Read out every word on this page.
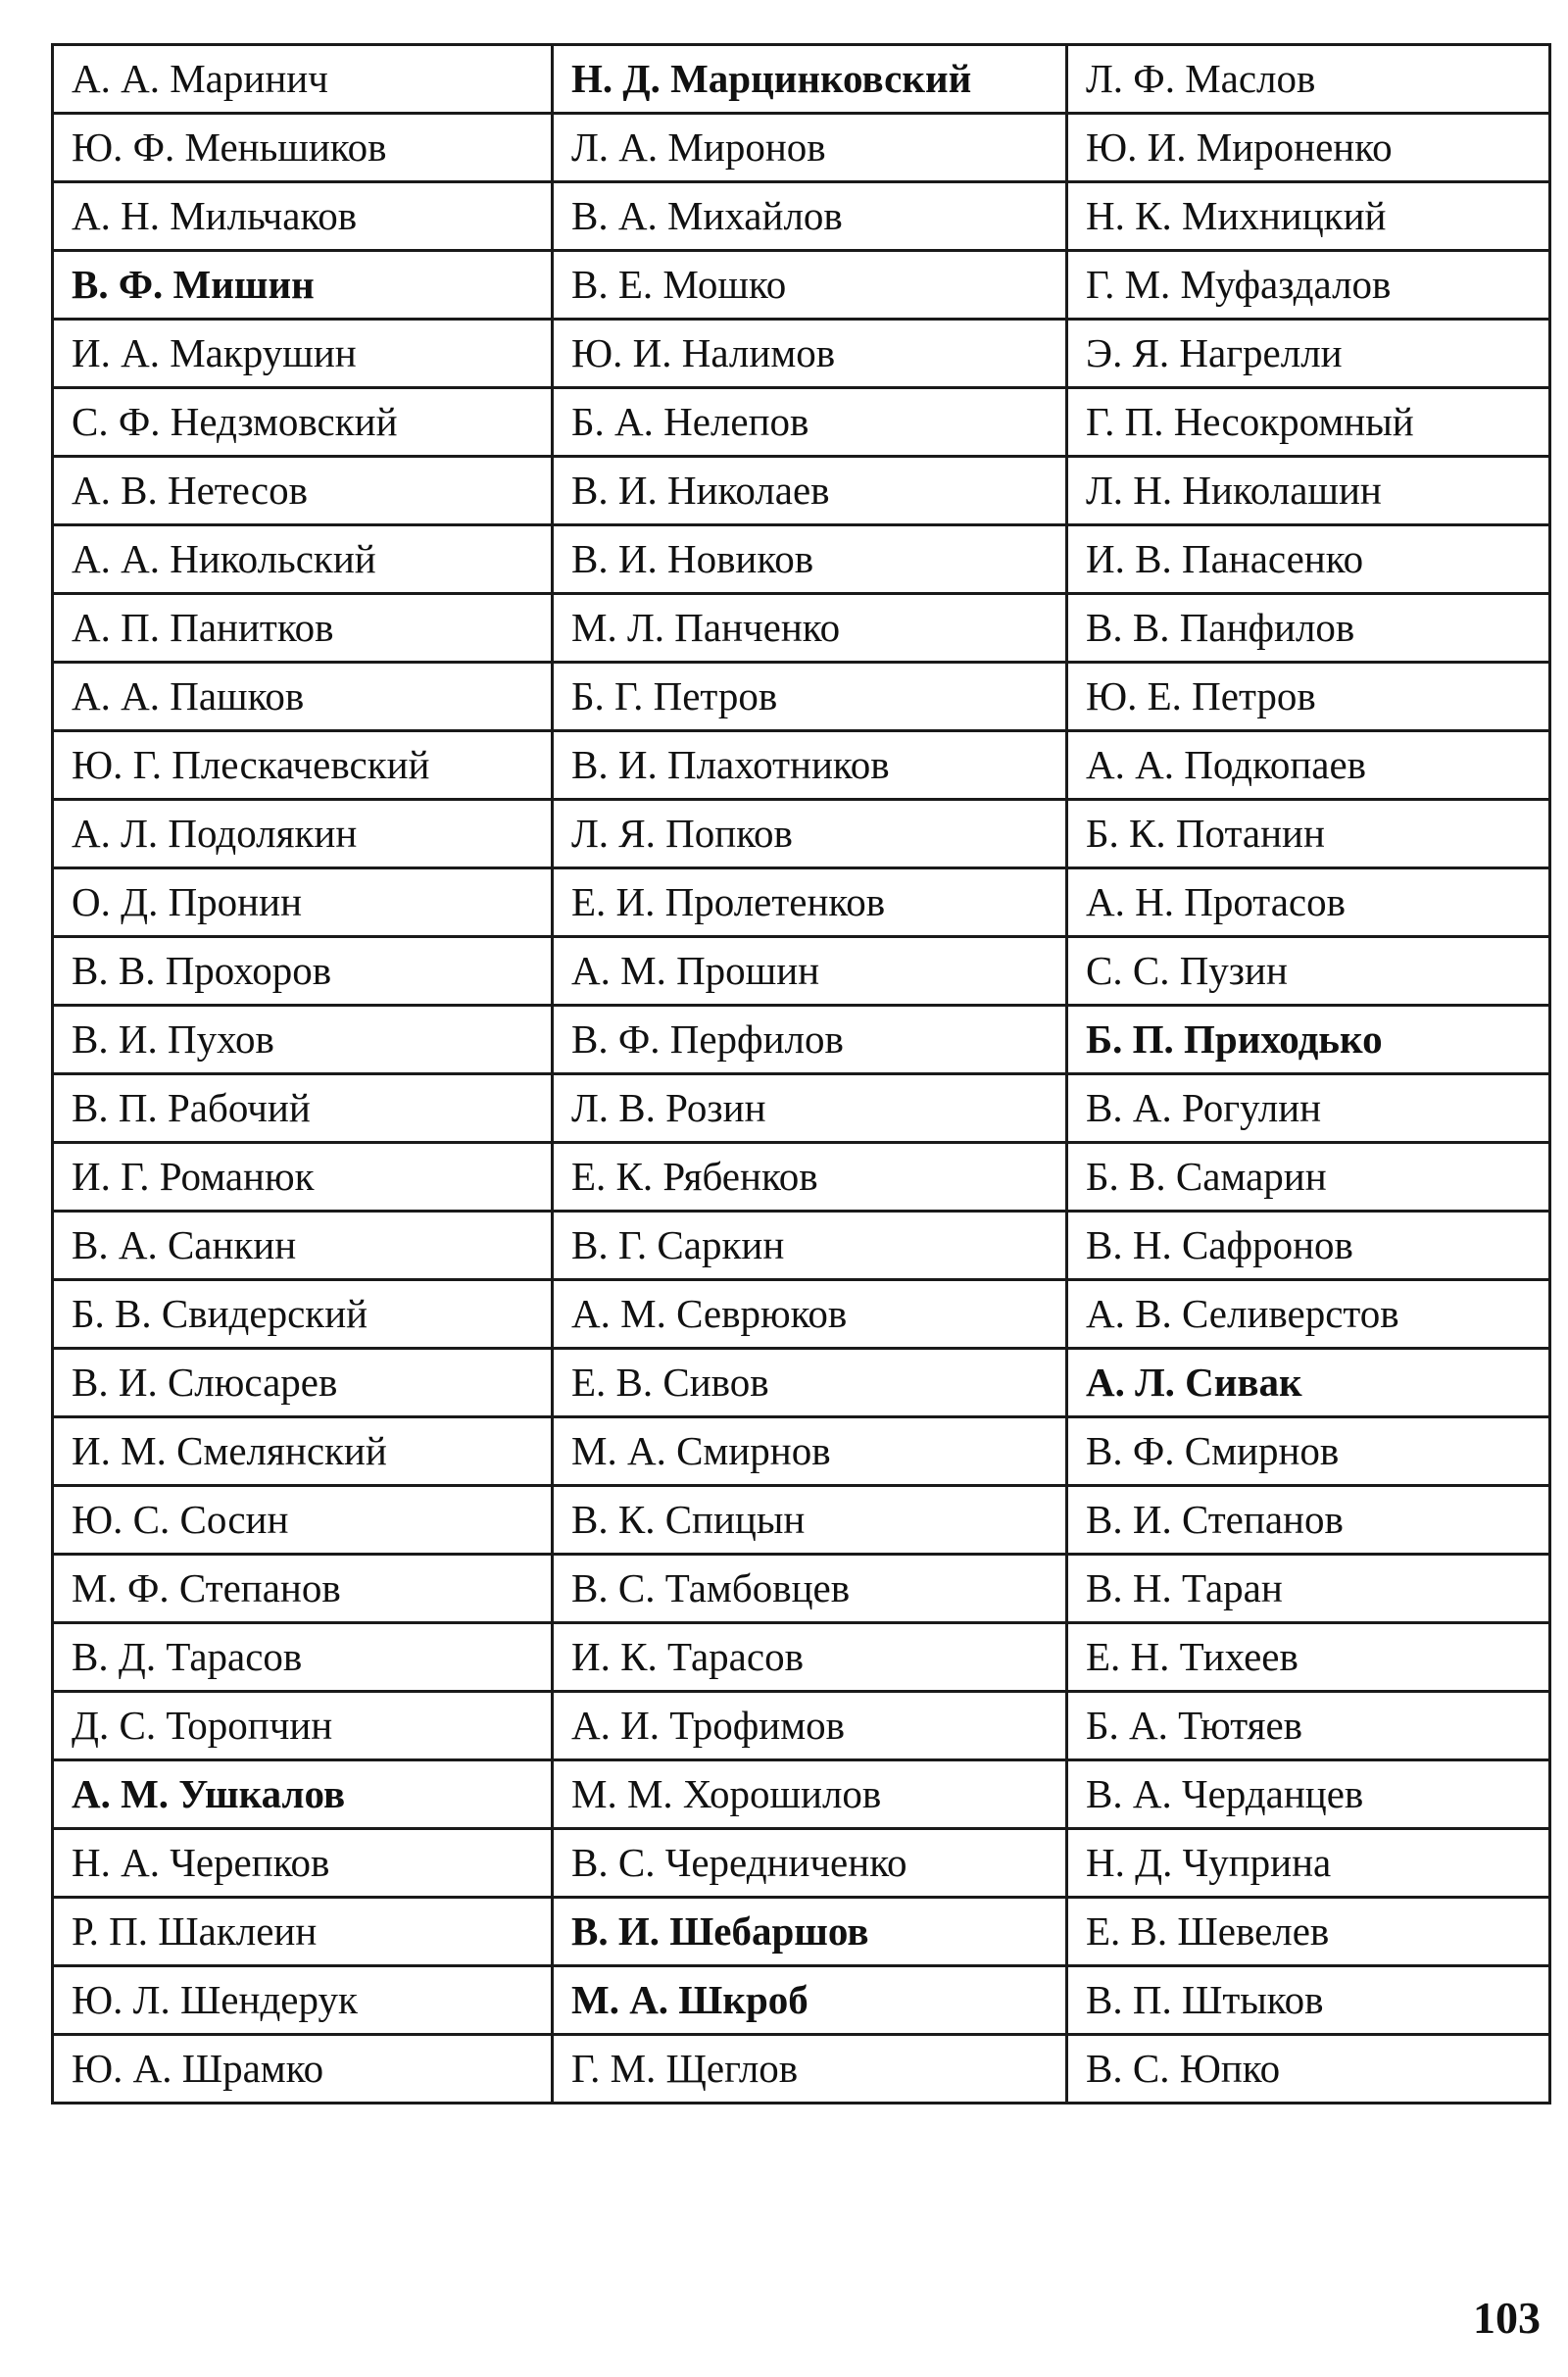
А. А. Маринич	Н. Д. Марцинковский	Л. Ф. Маслов
Ю. Ф. Меньшиков	Л. А. Миронов	Ю. И. Мироненко
А. Н. Мильчаков	В. А. Михайлов	Н. К. Михницкий
В. Ф. Мишин	В. Е. Мошко	Г. М. Муфаздалов
И. А. Макрушин	Ю. И. Налимов	Э. Я. Нагрелли
С. Ф. Недзмовский	Б. А. Нелепов	Г. П. Несокромный
А. В. Нетесов	В. И. Николаев	Л. Н. Николашин
А. А. Никольский	В. И. Новиков	И. В. Панасенко
А. П. Панитков	М. Л. Панченко	В. В. Панфилов
А. А. Пашков	Б. Г. Петров	Ю. Е. Петров
Ю. Г. Плескачевский	В. И. Плахотников	А. А. Подкопаев
А. Л. Подолякин	Л. Я. Попков	Б. К. Потанин
О. Д. Пронин	Е. И. Пролетенков	А. Н. Протасов
В. В. Прохоров	А. М. Прошин	С. С. Пузин
В. И. Пухов	В. Ф. Перфилов	Б. П. Приходько
В. П. Рабочий	Л. В. Розин	В. А. Рогулин
И. Г. Романюк	Е. К. Рябенков	Б. В. Самарин
В. А. Санкин	В. Г. Саркин	В. Н. Сафронов
Б. В. Свидерский	А. М. Севрюков	А. В. Селиверстов
В. И. Слюсарев	Е. В. Сивов	А. Л. Сивак
И. М. Смелянский	М. А. Смирнов	В. Ф. Смирнов
Ю. С. Сосин	В. К. Спицын	В. И. Степанов
М. Ф. Степанов	В. С. Тамбовцев	В. Н. Таран
В. Д. Тарасов	И. К. Тарасов	Е. Н. Тихеев
Д. С. Торопчин	А. И. Трофимов	Б. А. Тютяев
А. М. Ушкалов	М. М. Хорошилов	В. А. Черданцев
Н. А. Черепков	В. С. Чередниченко	Н. Д. Чуприна
Р. П. Шаклеин	В. И. Шебаршов	Е. В. Шевелев
Ю. Л. Шендерук	М. А. Шкроб	В. П. Штыков
Ю. А. Шрамко	Г. М. Щеглов	В. С. Юпко
103
